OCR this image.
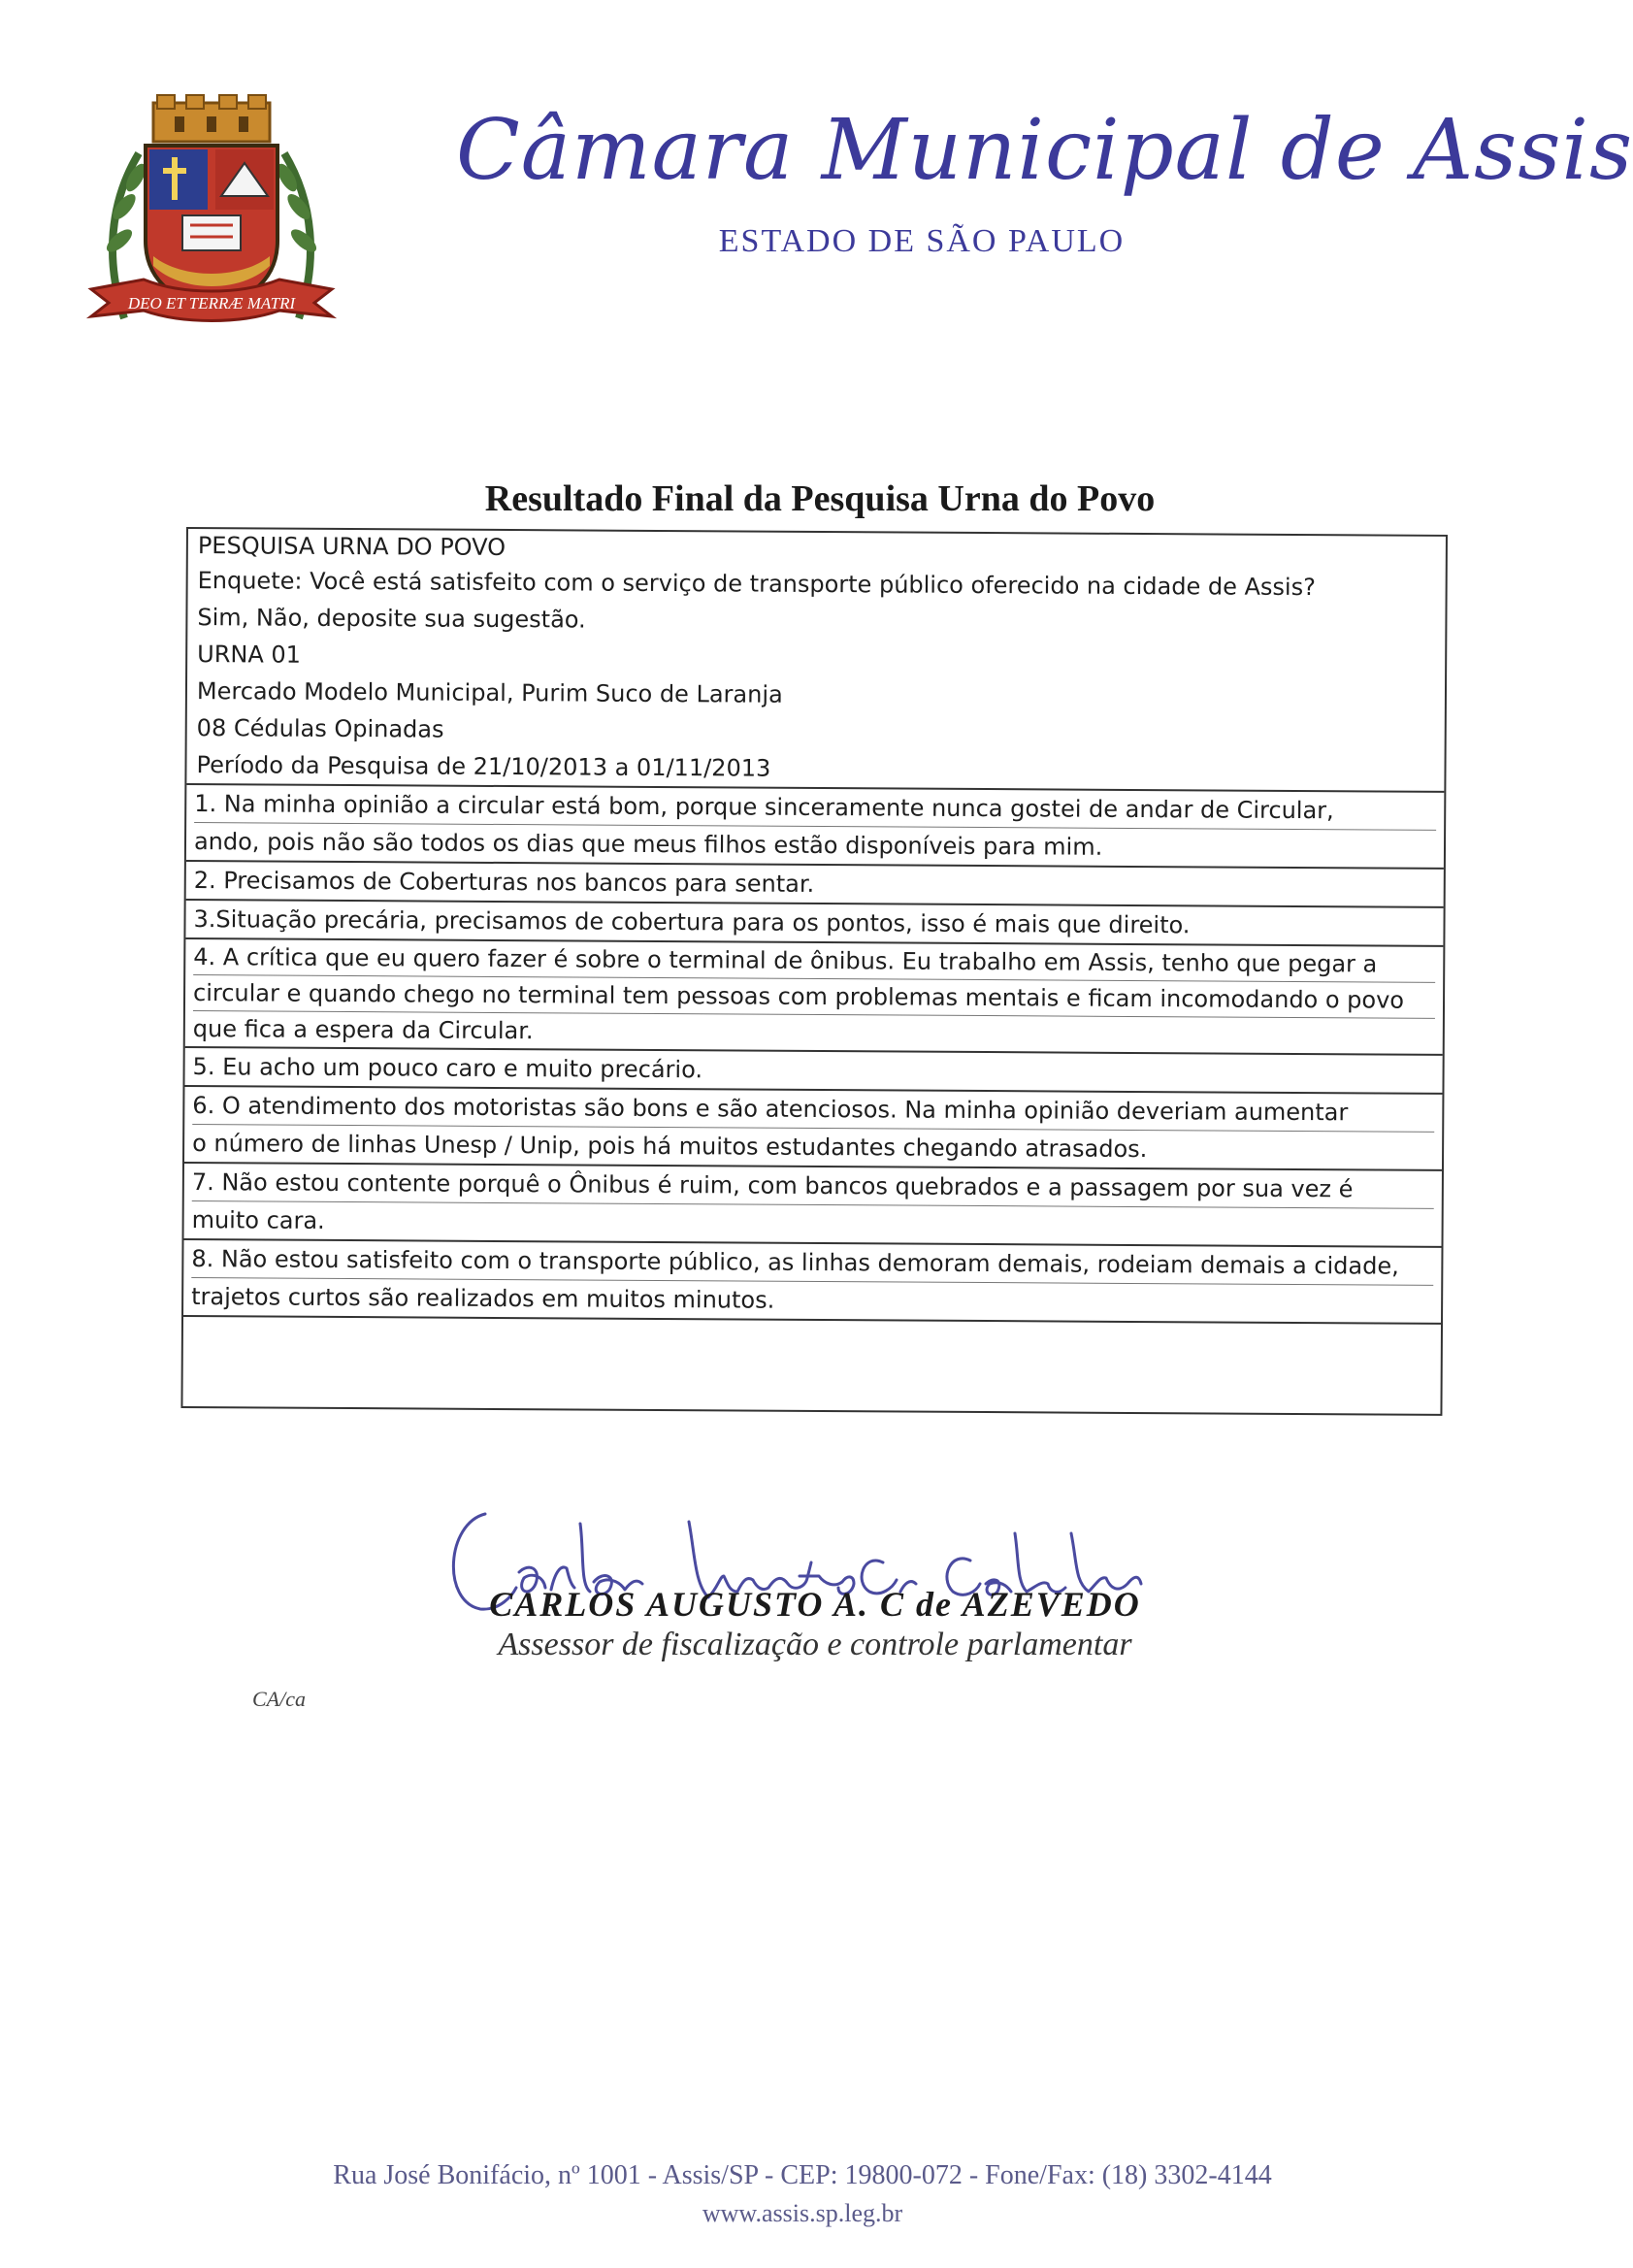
DEO ET TERRÆ MATRI
Câmara Municipal de Assis
ESTADO DE SÃO PAULO
Resultado Final da Pesquisa Urna do Povo
PESQUISA URNA DO POVO
Enquete: Você está satisfeito com o serviço de transporte público oferecido na cidade de Assis?
Sim, Não, deposite sua sugestão.
URNA 01
Mercado Modelo Municipal, Purim Suco de Laranja
08 Cédulas Opinadas
Período da Pesquisa de 21/10/2013 a 01/11/2013
1. Na minha opinião a circular está bom, porque sinceramente nunca gostei de andar de Circular,
ando, pois não são todos os dias que meus filhos estão disponíveis para mim.
2. Precisamos de Coberturas nos bancos para sentar.
3.Situação precária, precisamos de cobertura para os pontos, isso é mais que direito.
4. A crítica que eu quero fazer é sobre o terminal de ônibus. Eu trabalho em Assis, tenho que pegar a
circular e quando chego no terminal tem pessoas com problemas mentais e ficam incomodando o povo
que fica a espera da Circular.
5. Eu acho um pouco caro e muito precário.
6. O atendimento dos motoristas são bons e são atenciosos. Na minha opinião deveriam aumentar
o número de linhas Unesp / Unip, pois há muitos estudantes chegando atrasados.
7. Não estou contente porquê o Ônibus é ruim, com bancos quebrados e a passagem por sua vez é
muito cara.
8. Não estou satisfeito com o transporte público, as linhas demoram demais, rodeiam demais a cidade,
trajetos curtos são realizados em muitos minutos.
Carlos Augusto A. Cole Azevedo
CARLOS AUGUSTO A. C de AZEVEDO
Assessor de fiscalização e controle parlamentar
CA/ca
Rua José Bonifácio, nº 1001 - Assis/SP - CEP: 19800-072 - Fone/Fax: (18) 3302-4144
www.assis.sp.leg.br
